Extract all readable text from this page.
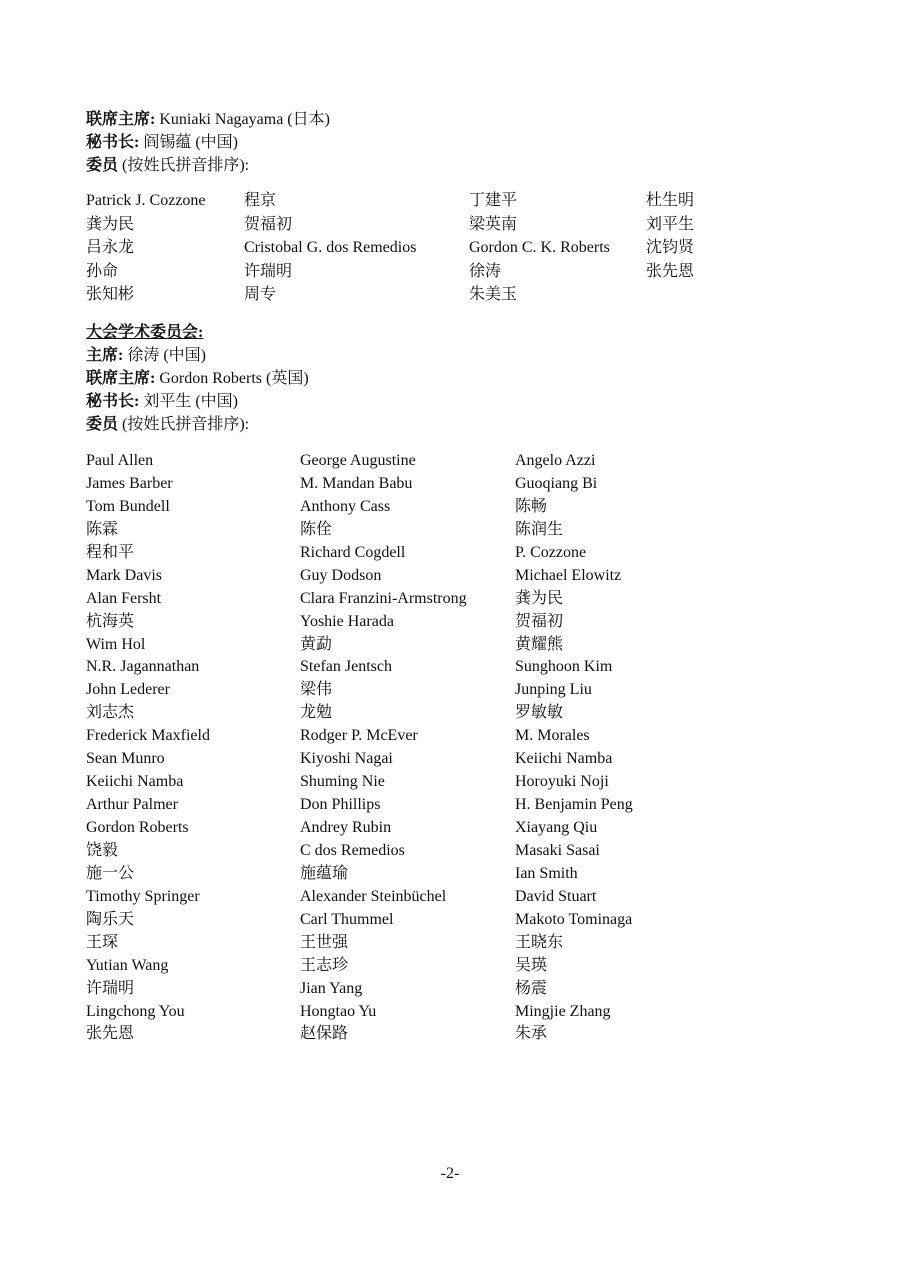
联席主席: Kuniaki Nagayama (日本)
秘书长: 阎锡蕴 (中国)
委员 (按姓氏拼音排序):
Patrick J. Cozzone 程京	丁建平	杜生明
龚为民	贺福初	梁英南	刘平生
吕永龙	Cristobal G. dos Remedios	Gordon C. K. Roberts 沈钧贤
孙命	许瑞明	徐涛	张先恩
张知彬	周专	朱美玉
大会学术委员会:
主席: 徐涛 (中国)
联席主席: Gordon Roberts (英国)
秘书长: 刘平生 (中国)
委员 (按姓氏拼音排序):
Paul Allen	George Augustine	Angelo Azzi
James Barber	M. Mandan Babu	Guoqiang Bi
Tom Bundell	Anthony Cass	陈畅
陈霖	陈佺	陈润生
程和平	Richard Cogdell	P. Cozzone
Mark Davis	Guy Dodson	Michael Elowitz
Alan Fersht	Clara Franzini-Armstrong	龚为民
杭海英	Yoshie Harada	贺福初
Wim Hol	黄勐	黄耀熊
N.R. Jagannathan	Stefan Jentsch	Sunghoon Kim
John Lederer	梁伟	Junping Liu
刘志杰	龙勉	罗敏敏
Frederick Maxfield	Rodger P. McEver	M. Morales
Sean Munro	Kiyoshi Nagai	Keiichi Namba
Keiichi Namba	Shuming Nie	Horoyuki Noji
Arthur Palmer	Don Phillips	H. Benjamin Peng
Gordon Roberts	Andrey Rubin	Xiayang Qiu
饶毅	C dos Remedios	Masaki Sasai
施一公	施蕴瑜	Ian Smith
Timothy Springer	Alexander Steinbüchel	David Stuart
陶乐天	Carl Thummel	Makoto Tominaga
王琛	王世强	王晓东
Yutian Wang	王志珍	吴瑛
许瑞明	Jian Yang	杨震
Lingchong You	Hongtao Yu	Mingjie Zhang
张先恩	赵保路	朱承
-2-
